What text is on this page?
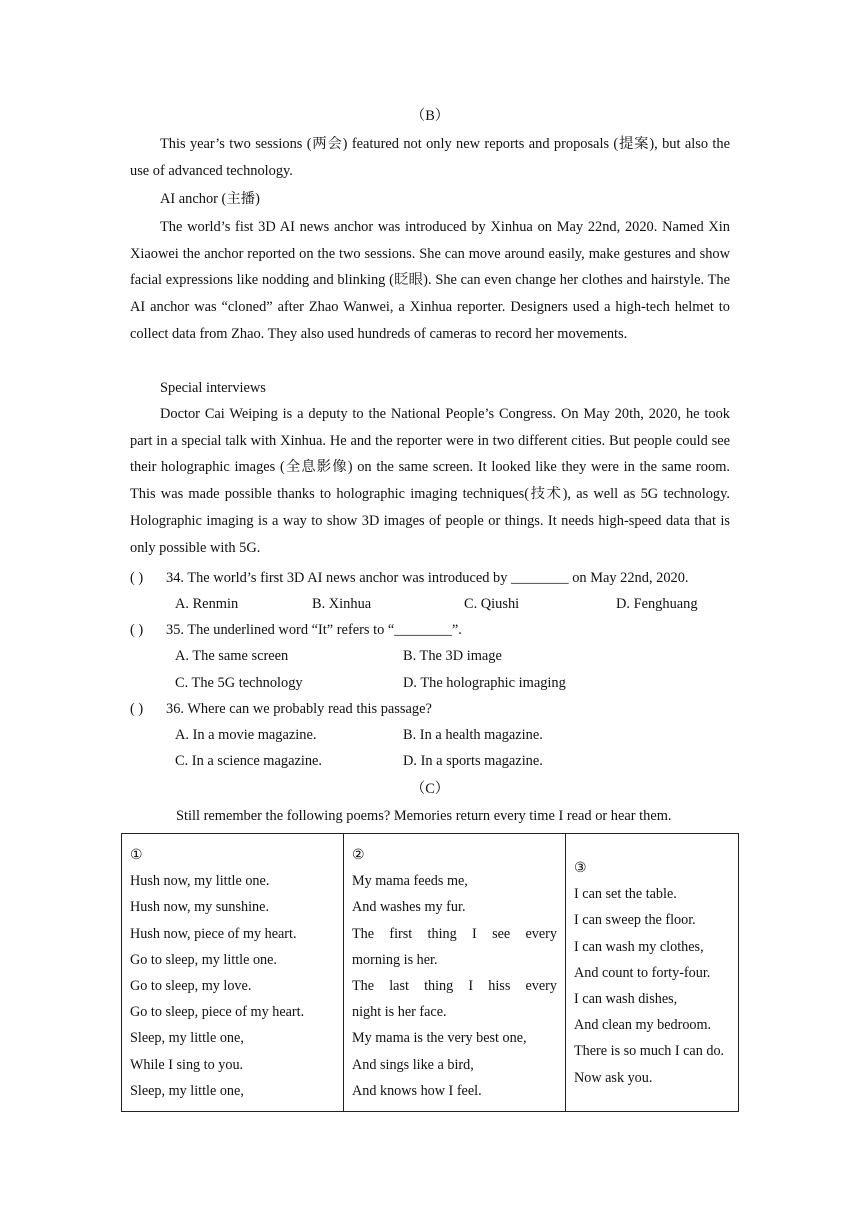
（B）
This year’s two sessions (两会) featured not only new reports and proposals (提案), but also the use of advanced technology.
AI anchor (主播)
The world’s fist 3D AI news anchor was introduced by Xinhua on May 22nd, 2020. Named Xin Xiaowei the anchor reported on the two sessions. She can move around easily, make gestures and show facial expressions like nodding and blinking (眨眼). She can even change her clothes and hairstyle. The AI anchor was “cloned” after Zhao Wanwei, a Xinhua reporter. Designers used a high-tech helmet to collect data from Zhao. They also used hundreds of cameras to record her movements.
Special interviews
Doctor Cai Weiping is a deputy to the National People’s Congress. On May 20th, 2020, he took part in a special talk with Xinhua. He and the reporter were in two different cities. But people could see their holographic images (全息影像) on the same screen. It looked like they were in the same room. This was made possible thanks to holographic imaging techniques(技术), as well as 5G technology. Holographic imaging is a way to show 3D images of people or things. It needs high-speed data that is only possible with 5G.
( ) 34. The world’s first 3D AI news anchor was introduced by ________ on May 22nd, 2020.
A. Renmin	B. Xinhua	C. Qiushi	D. Fenghuang
( ) 35. The underlined word “It” refers to “________”.
A. The same screen	B. The 3D image
C. The 5G technology	D. The holographic imaging
( ) 36. Where can we probably read this passage?
A. In a movie magazine.	B. In a health magazine.
C. In a science magazine.	D. In a sports magazine.
（C）
Still remember the following poems? Memories return every time I read or hear them.
①
Hush now, my little one.
Hush now, my sunshine.
Hush now, piece of my heart.
Go to sleep, my little one.
Go to sleep, my love.
Go to sleep, piece of my heart.
Sleep, my little one,
While I sing to you.
Sleep, my little one,

②
My mama feeds me,
And washes my fur.
The first thing I see every
morning is her.
The last thing I hiss every
night is her face.
My mama is the very best one,
And sings like a bird,
And knows how I feel.

③
I can set the table.
I can sweep the floor.
I can wash my clothes,
And count to forty-four.
I can wash dishes,
And clean my bedroom.
There is so much I can do.
Now ask you.
